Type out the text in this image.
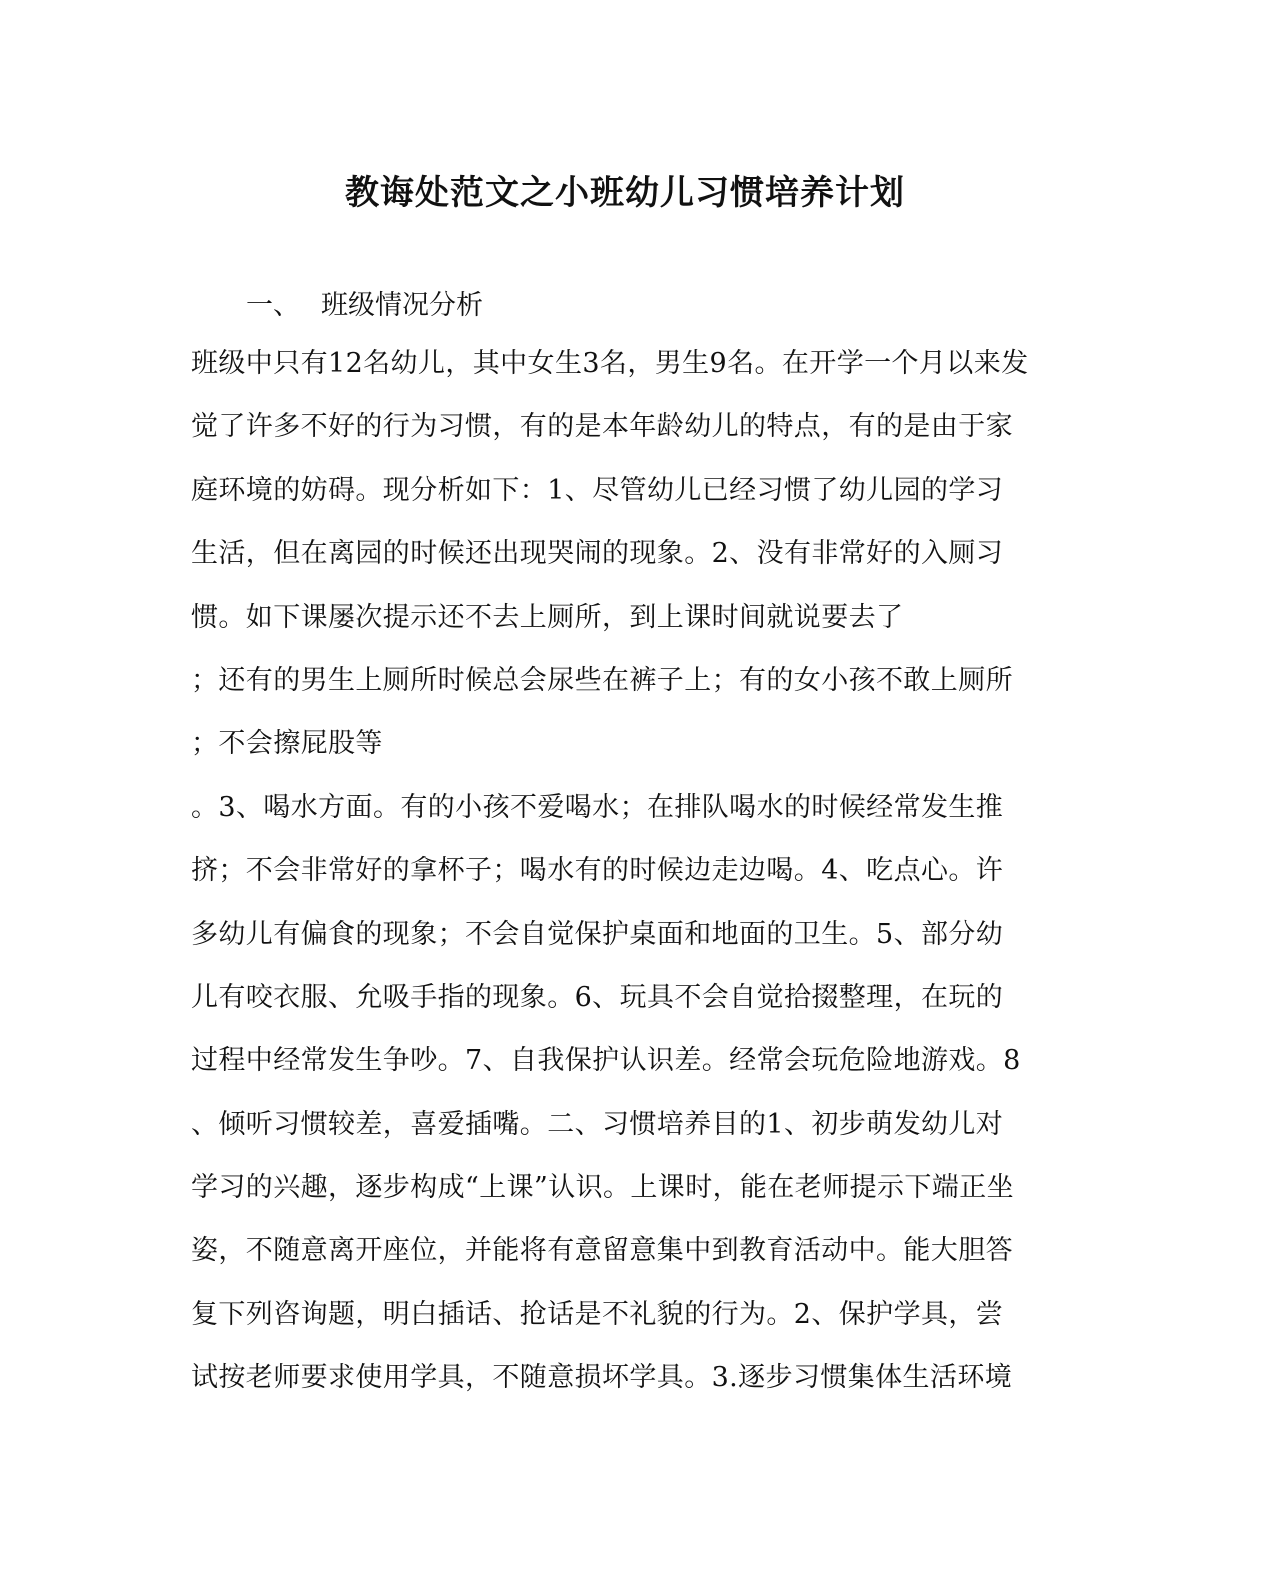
教诲处范文之小班幼儿习惯培养计划
一、 班级情况分析
班级中只有12名幼儿，其中女生3名，男生9名。在开学一个月以来发
觉了许多不好的行为习惯，有的是本年龄幼儿的特点，有的是由于家
庭环境的妨碍。现分析如下：1、尽管幼儿已经习惯了幼儿园的学习
生活，但在离园的时候还出现哭闹的现象。2、没有非常好的入厕习
惯。如下课屡次提示还不去上厕所，到上课时间就说要去了
；还有的男生上厕所时候总会尿些在裤子上；有的女小孩不敢上厕所
；不会擦屁股等
。3、喝水方面。有的小孩不爱喝水；在排队喝水的时候经常发生推
挤；不会非常好的拿杯子；喝水有的时候边走边喝。4、吃点心。许
多幼儿有偏食的现象；不会自觉保护桌面和地面的卫生。5、部分幼
儿有咬衣服、允吸手指的现象。6、玩具不会自觉拾掇整理，在玩的
过程中经常发生争吵。7、自我保护认识差。经常会玩危险地游戏。8
、倾听习惯较差，喜爱插嘴。二、习惯培养目的1、初步萌发幼儿对
学习的兴趣，逐步构成“上课”认识。上课时，能在老师提示下端正坐
姿，不随意离开座位，并能将有意留意集中到教育活动中。能大胆答
复下列咨询题，明白插话、抢话是不礼貌的行为。2、保护学具，尝
试按老师要求使用学具，不随意损坏学具。3.逐步习惯集体生活环境
